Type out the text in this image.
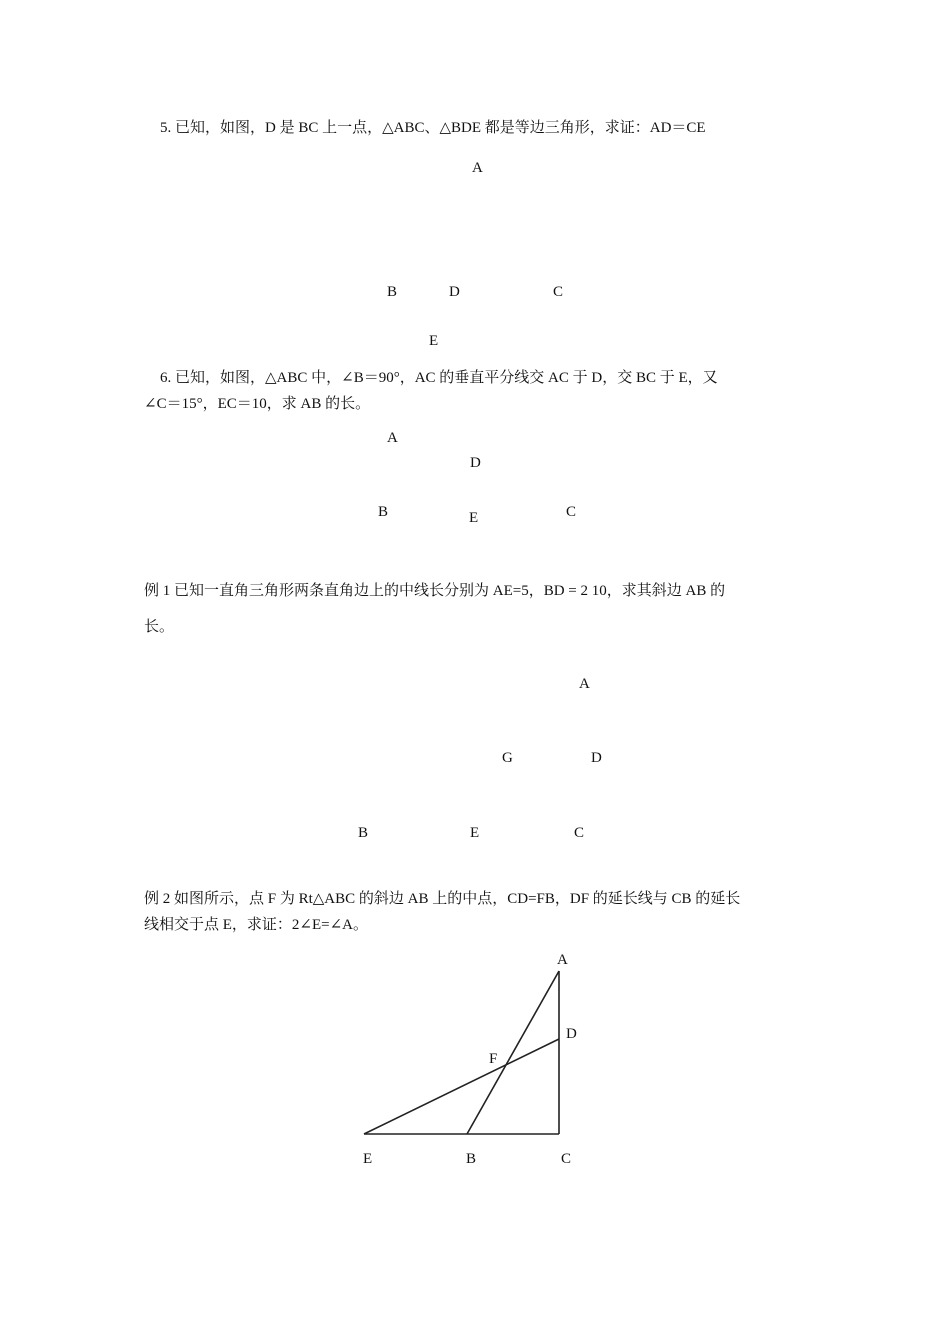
5. 已知，如图，D 是 BC 上一点，△ABC、△BDE 都是等边三角形，求证：AD＝CE

A
B	D	C
E

6. 已知，如图，△ABC 中，∠B＝90°，AC 的垂直平分线交 AC 于 D，交 BC 于 E，又

∠C＝15°，EC＝10，求 AB 的长。

A
D
B	E	C

例 1 已知一直角三角形两条直角边上的中线长分别为 AE=5，BD = 2 10，求其斜边 AB 的

长。

A
G	D
B	E	C

例 2 如图所示，点 F 为 Rt△ABC 的斜边 AB 上的中点，CD=FB，DF 的延长线与 CB 的延长

线相交于点 E，求证：2∠E=∠A。

A
D
F
E	B	C
